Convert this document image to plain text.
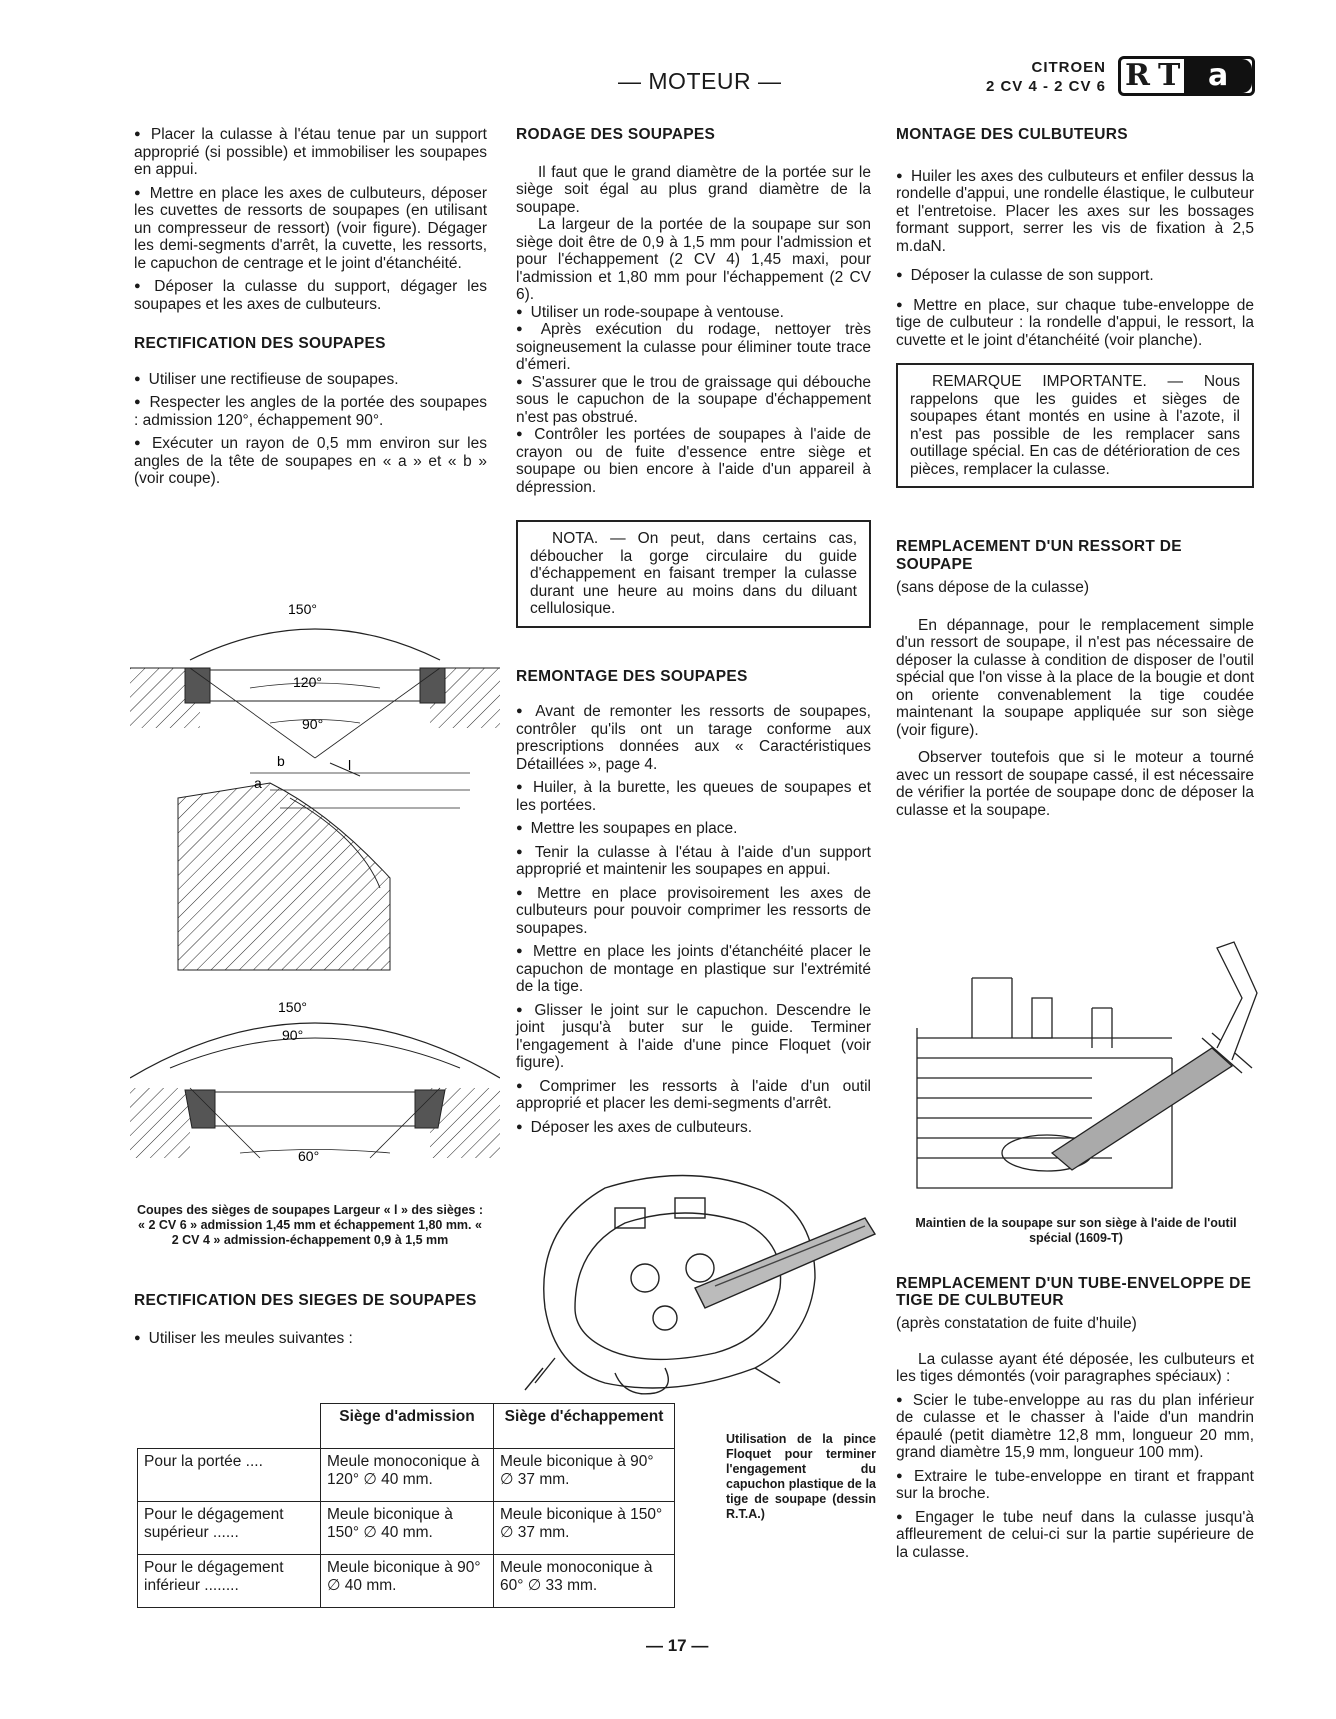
— MOTEUR —
CITROEN
2 CV 4 - 2 CV 6 R T a

● Placer la culasse à l'étau tenue par un support approprié (si possible) et immobiliser les soupapes en appui.

● Mettre en place les axes de culbuteurs, déposer les cuvettes de ressorts de soupapes (en utilisant un compresseur de ressort) (voir figure). Dégager les demi-segments d'arrêt, la cuvette, les ressorts, le capuchon de centrage et le joint d'étanchéité.

● Déposer la culasse du support, dégager les soupapes et les axes de culbuteurs.

RECTIFICATION DES SOUPAPES

● Utiliser une rectifieuse de soupapes.

● Respecter les angles de la portée des soupapes : admission 120°, échappement 90°.

● Exécuter un rayon de 0,5 mm environ sur les angles de la tête de soupapes en « a » et « b » (voir coupe).

150°
120°
90°
b
a
l
150°
90°
60°
Coupes des sièges de soupapes Largeur « l » des sièges : « 2 CV 6 » admission 1,45 mm et échappement 1,80 mm. « 2 CV 4 » admission-échappement 0,9 à 1,5 mm
RECTIFICATION DES SIEGES DE SOUPAPES

● Utiliser les meules suivantes :

	Siège d'admission	Siège d'échappement
Pour la portée ....	Meule monoconique à 120° ∅ 40 mm.	Meule biconique à 90° ∅ 37 mm.
Pour le dégagement supérieur ......	Meule biconique à 150° ∅ 40 mm.	Meule biconique à 150° ∅ 37 mm.
Pour le dégagement inférieur ........	Meule biconique à 90° ∅ 40 mm.	Meule monoconique à 60° ∅ 33 mm.
RODAGE DES SOUPAPES

Il faut que le grand diamètre de la portée sur le siège soit égal au plus grand diamètre de la soupape.

La largeur de la portée de la soupape sur son siège doit être de 0,9 à 1,5 mm pour l'admission et pour l'échappement (2 CV 4) 1,45 maxi, pour l'admission et 1,80 mm pour l'échappement (2 CV 6).

● Utiliser un rode-soupape à ventouse.

● Après exécution du rodage, nettoyer très soigneusement la culasse pour éliminer toute trace d'émeri.

● S'assurer que le trou de graissage qui débouche sous le capuchon de la soupape d'échappement n'est pas obstrué.

● Contrôler les portées de soupapes à l'aide de crayon ou de fuite d'essence entre siège et soupape ou bien encore à l'aide d'un appareil à dépression.

NOTA. — On peut, dans certains cas, déboucher la gorge circulaire du guide d'échappement en faisant tremper la culasse durant une heure au moins dans du diluant cellulosique.

REMONTAGE DES SOUPAPES

● Avant de remonter les ressorts de soupapes, contrôler qu'ils ont un tarage conforme aux prescriptions données aux « Caractéristiques Détaillées », page 4.

● Huiler, à la burette, les queues de soupapes et les portées.

● Mettre les soupapes en place.

● Tenir la culasse à l'étau à l'aide d'un support approprié et maintenir les soupapes en appui.

● Mettre en place provisoirement les axes de culbuteurs pour pouvoir comprimer les ressorts de soupapes.

● Mettre en place les joints d'étanchéité placer le capuchon de montage en plastique sur l'extrémité de la tige.

● Glisser le joint sur le capuchon. Descendre le joint jusqu'à buter sur le guide. Terminer l'engagement à l'aide d'une pince Floquet (voir figure).

● Comprimer les ressorts à l'aide d'un outil approprié et placer les demi-segments d'arrêt.

● Déposer les axes de culbuteurs.

Utilisation de la pince Floquet pour terminer l'engagement du capuchon plastique de la tige de soupape (dessin R.T.A.)
MONTAGE DES CULBUTEURS

● Huiler les axes des culbuteurs et enfiler dessus la rondelle d'appui, une rondelle élastique, le culbuteur et l'entretoise. Placer les axes sur les bossages formant support, serrer les vis de fixation à 2,5 m.daN.

● Déposer la culasse de son support.

● Mettre en place, sur chaque tube-enveloppe de tige de culbuteur : la rondelle d'appui, le ressort, la cuvette et le joint d'étanchéité (voir planche).

REMARQUE IMPORTANTE. — Nous rappelons que les guides et sièges de soupapes étant montés en usine à l'azote, il n'est pas possible de les remplacer sans outillage spécial. En cas de détérioration de ces pièces, remplacer la culasse.

REMPLACEMENT D'UN RESSORT DE SOUPAPE

(sans dépose de la culasse)

En dépannage, pour le remplacement simple d'un ressort de soupape, il n'est pas nécessaire de déposer la culasse à condition de disposer de l'outil spécial que l'on visse à la place de la bougie et dont on oriente convenablement la tige coudée maintenant la soupape appliquée sur son siège (voir figure).

Observer toutefois que si le moteur a tourné avec un ressort de soupape cassé, il est nécessaire de vérifier la portée de soupape donc de déposer la culasse et la soupape.

Maintien de la soupape sur son siège à l'aide de l'outil spécial (1609-T)
REMPLACEMENT D'UN TUBE-ENVELOPPE DE TIGE DE CULBUTEUR

(après constatation de fuite d'huile)

La culasse ayant été déposée, les culbuteurs et les tiges démontés (voir paragraphes spéciaux) :

● Scier le tube-enveloppe au ras du plan inférieur de culasse et le chasser à l'aide d'un mandrin épaulé (petit diamètre 12,8 mm, longueur 20 mm, grand diamètre 15,9 mm, longueur 100 mm).

● Extraire le tube-enveloppe en tirant et frappant sur la broche.

● Engager le tube neuf dans la culasse jusqu'à affleurement de celui-ci sur la partie supérieure de la culasse.

— 17 —
